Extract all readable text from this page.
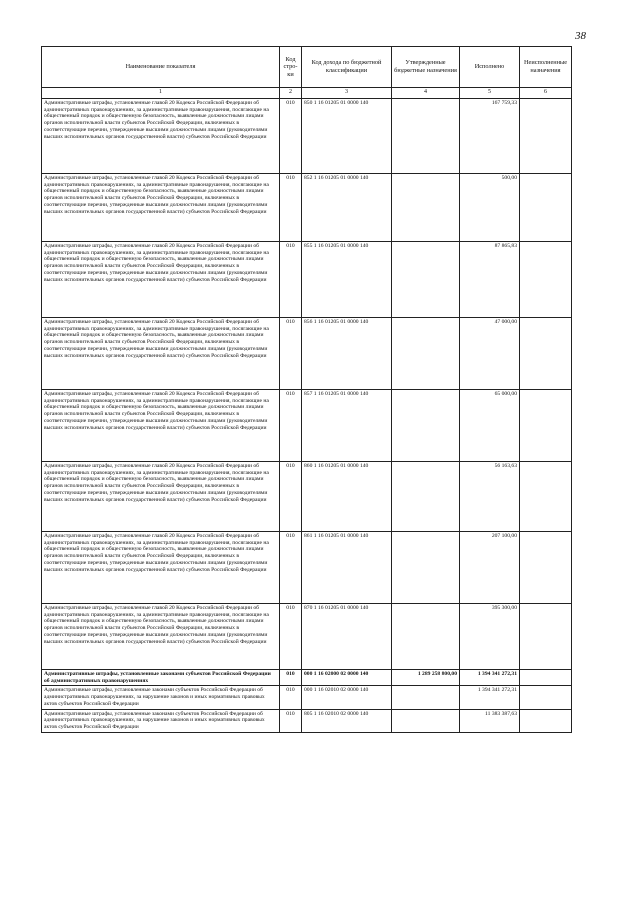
38
Наименование показателя	Код стро-ки	Код дохода по бюджетной классификации	Утвержденные бюджетные назначения	Исполнено	Неисполненные назначения
1	2	3	4	5	6
Административные штрафы, установленные главой 20 Кодекса Российской Федерации об административных правонарушениях, за административные правонарушения, посягающие на общественный порядок и общественную безопасность, выявленные должностными лицами органов исполнительной власти субъектов Российской Федерации, включенных в соответствующие перечни, утвержденные высшими должностными лицами (руководителями высших исполнительных органов государственной власти) субъектов Российской Федерации	010	850 1 16 01205 01 0000 140		167 759,33	
Административные штрафы, установленные главой 20 Кодекса Российской Федерации об административных правонарушениях, за административные правонарушения, посягающие на общественный порядок и общественную безопасность, выявленные должностными лицами органов исполнительной власти субъектов Российской Федерации, включенных в соответствующие перечни, утвержденные высшими должностными лицами (руководителями высших исполнительных органов государственной власти) субъектов Российской Федерации	010	852 1 16 01205 01 0000 140		500,00	
Административные штрафы, установленные главой 20 Кодекса Российской Федерации об административных правонарушениях, за административные правонарушения, посягающие на общественный порядок и общественную безопасность, выявленные должностными лицами органов исполнительной власти субъектов Российской Федерации, включенных в соответствующие перечни, утвержденные высшими должностными лицами (руководителями высших исполнительных органов государственной власти) субъектов Российской Федерации	010	855 1 16 01205 01 0000 140		87 865,83	
Административные штрафы, установленные главой 20 Кодекса Российской Федерации об административных правонарушениях, за административные правонарушения, посягающие на общественный порядок и общественную безопасность, выявленные должностными лицами органов исполнительной власти субъектов Российской Федерации, включенных в соответствующие перечни, утвержденные высшими должностными лицами (руководителями высших исполнительных органов государственной власти) субъектов Российской Федерации	010	856 1 16 01205 01 0000 140		47 000,00	
Административные штрафы, установленные главой 20 Кодекса Российской Федерации об административных правонарушениях, за административные правонарушения, посягающие на общественный порядок и общественную безопасность, выявленные должностными лицами органов исполнительной власти субъектов Российской Федерации, включенных в соответствующие перечни, утвержденные высшими должностными лицами (руководителями высших исполнительных органов государственной власти) субъектов Российской Федерации	010	857 1 16 01205 01 0000 140		65 000,00	
Административные штрафы, установленные главой 20 Кодекса Российской Федерации об административных правонарушениях, за административные правонарушения, посягающие на общественный порядок и общественную безопасность, выявленные должностными лицами органов исполнительной власти субъектов Российской Федерации, включенных в соответствующие перечни, утвержденные высшими должностными лицами (руководителями высших исполнительных органов государственной власти) субъектов Российской Федерации	010	860 1 16 01205 01 0000 140		56 163,63	
Административные штрафы, установленные главой 20 Кодекса Российской Федерации об административных правонарушениях, за административные правонарушения, посягающие на общественный порядок и общественную безопасность, выявленные должностными лицами органов исполнительной власти субъектов Российской Федерации, включенных в соответствующие перечни, утвержденные высшими должностными лицами (руководителями высших исполнительных органов государственной власти) субъектов Российской Федерации	010	861 1 16 01205 01 0000 140		207 100,00	
Административные штрафы, установленные главой 20 Кодекса Российской Федерации об административных правонарушениях, за административные правонарушения, посягающие на общественный порядок и общественную безопасность, выявленные должностными лицами органов исполнительной власти субъектов Российской Федерации, включенных в соответствующие перечни, утвержденные высшими должностными лицами (руководителями высших исполнительных органов государственной власти) субъектов Российской Федерации	010	870 1 16 01205 01 0000 140		395 300,00	
Административные штрафы, установленные законами субъектов Российской Федерации об административных правонарушениях	010	000 1 16 02000 02 0000 140	1 289 258 800,00	1 394 341 272,31	
Административные штрафы, установленные законами субъектов Российской Федерации об административных правонарушениях, за нарушение законов и иных нормативных правовых актов субъектов Российской Федерации	010	000 1 16 02010 02 0000 140		1 394 341 272,31	
Административные штрафы, установленные законами субъектов Российской Федерации об административных правонарушениях, за нарушение законов и иных нормативных правовых актов субъектов Российской Федерации	010	805 1 16 02010 02 0000 140		11 383 387,63	
